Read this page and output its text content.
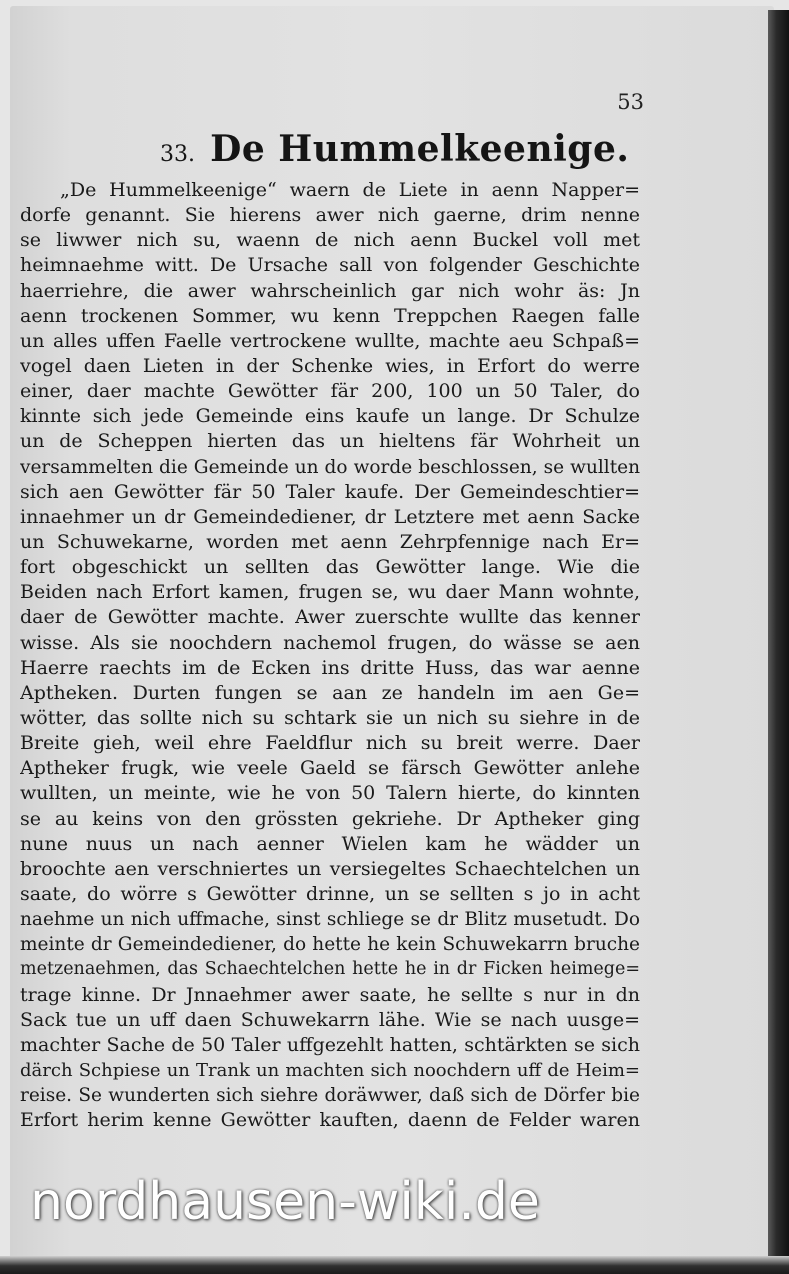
53
33. De Hummelkeenige.
„De Hummelkeenige“ waern de Liete in aenn Napper=
dorfe genannt. Sie hierens awer nich gaerne, drim nenne
se liwwer nich su, waenn de nich aenn Buckel voll met
heimnaehme witt. De Ursache sall von folgender Geschichte
haerriehre, die awer wahrscheinlich gar nich wohr äs: Jn
aenn trockenen Sommer, wu kenn Treppchen Raegen falle
un alles uffen Faelle vertrockene wullte, machte aeu Schpaß=
vogel daen Lieten in der Schenke wies, in Erfort do werre
einer, daer machte Gewötter fär 200, 100 un 50 Taler, do
kinnte sich jede Gemeinde eins kaufe un lange. Dr Schulze
un de Scheppen hierten das un hieltens fär Wohrheit un
versammelten die Gemeinde un do worde beschlossen, se wullten
sich aen Gewötter fär 50 Taler kaufe. Der Gemeindeschtier=
innaehmer un dr Gemeindediener, dr Letztere met aenn Sacke
un Schuwekarne, worden met aenn Zehrpfennige nach Er=
fort obgeschickt un sellten das Gewötter lange. Wie die
Beiden nach Erfort kamen, frugen se, wu daer Mann wohnte,
daer de Gewötter machte. Awer zuerschte wullte das kenner
wisse. Als sie noochdern nachemol frugen, do wässe se aen
Haerre raechts im de Ecken ins dritte Huss, das war aenne
Aptheken. Durten fungen se aan ze handeln im aen Ge=
wötter, das sollte nich su schtark sie un nich su siehre in de
Breite gieh, weil ehre Faeldflur nich su breit werre. Daer
Aptheker frugk, wie veele Gaeld se färsch Gewötter anlehe
wullten, un meinte, wie he von 50 Talern hierte, do kinnten
se au keins von den grössten gekriehe. Dr Aptheker ging
nune nuus un nach aenner Wielen kam he wädder un
broochte aen verschniertes un versiegeltes Schaechtelchen un
saate, do wörre s Gewötter drinne, un se sellten s jo in acht
naehme un nich uffmache, sinst schliege se dr Blitz musetudt. Do
meinte dr Gemeindediener, do hette he kein Schuwekarrn bruche
metzenaehmen, das Schaechtelchen hette he in dr Ficken heimege=
trage kinne. Dr Jnnaehmer awer saate, he sellte s nur in dn
Sack tue un uff daen Schuwekarrn lähe. Wie se nach uusge=
machter Sache de 50 Taler uffgezehlt hatten, schtärkten se sich
därch Schpiese un Trank un machten sich noochdern uff de Heim=
reise. Se wunderten sich siehre doräwwer, daß sich de Dörfer bie
Erfort herim kenne Gewötter kauften, daenn de Felder waren
nordhausen-wiki.de
